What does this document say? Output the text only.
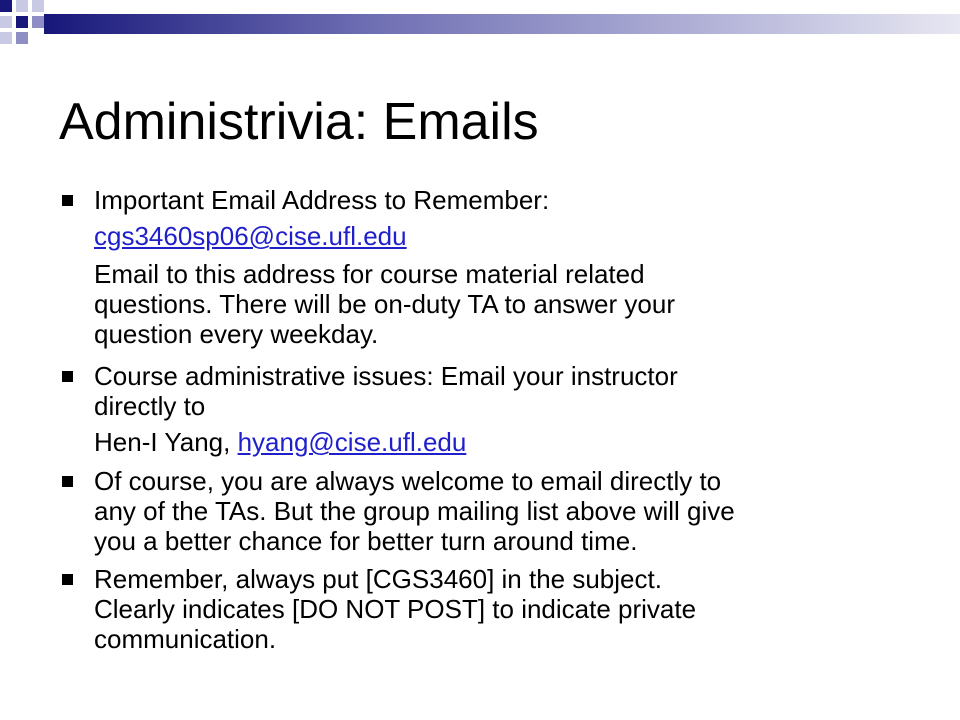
Administrivia: Emails
Important Email Address to Remember:
cgs3460sp06@cise.ufl.edu
Email to this address for course material related
questions. There will be on-duty TA to answer your
question every weekday.
Course administrative issues: Email your instructor
directly to
Hen-I Yang, hyang@cise.ufl.edu
Of course, you are always welcome to email directly to
any of the TAs. But the group mailing list above will give
you a better chance for better turn around time.
Remember, always put [CGS3460] in the subject.
Clearly indicates [DO NOT POST] to indicate private
communication.
